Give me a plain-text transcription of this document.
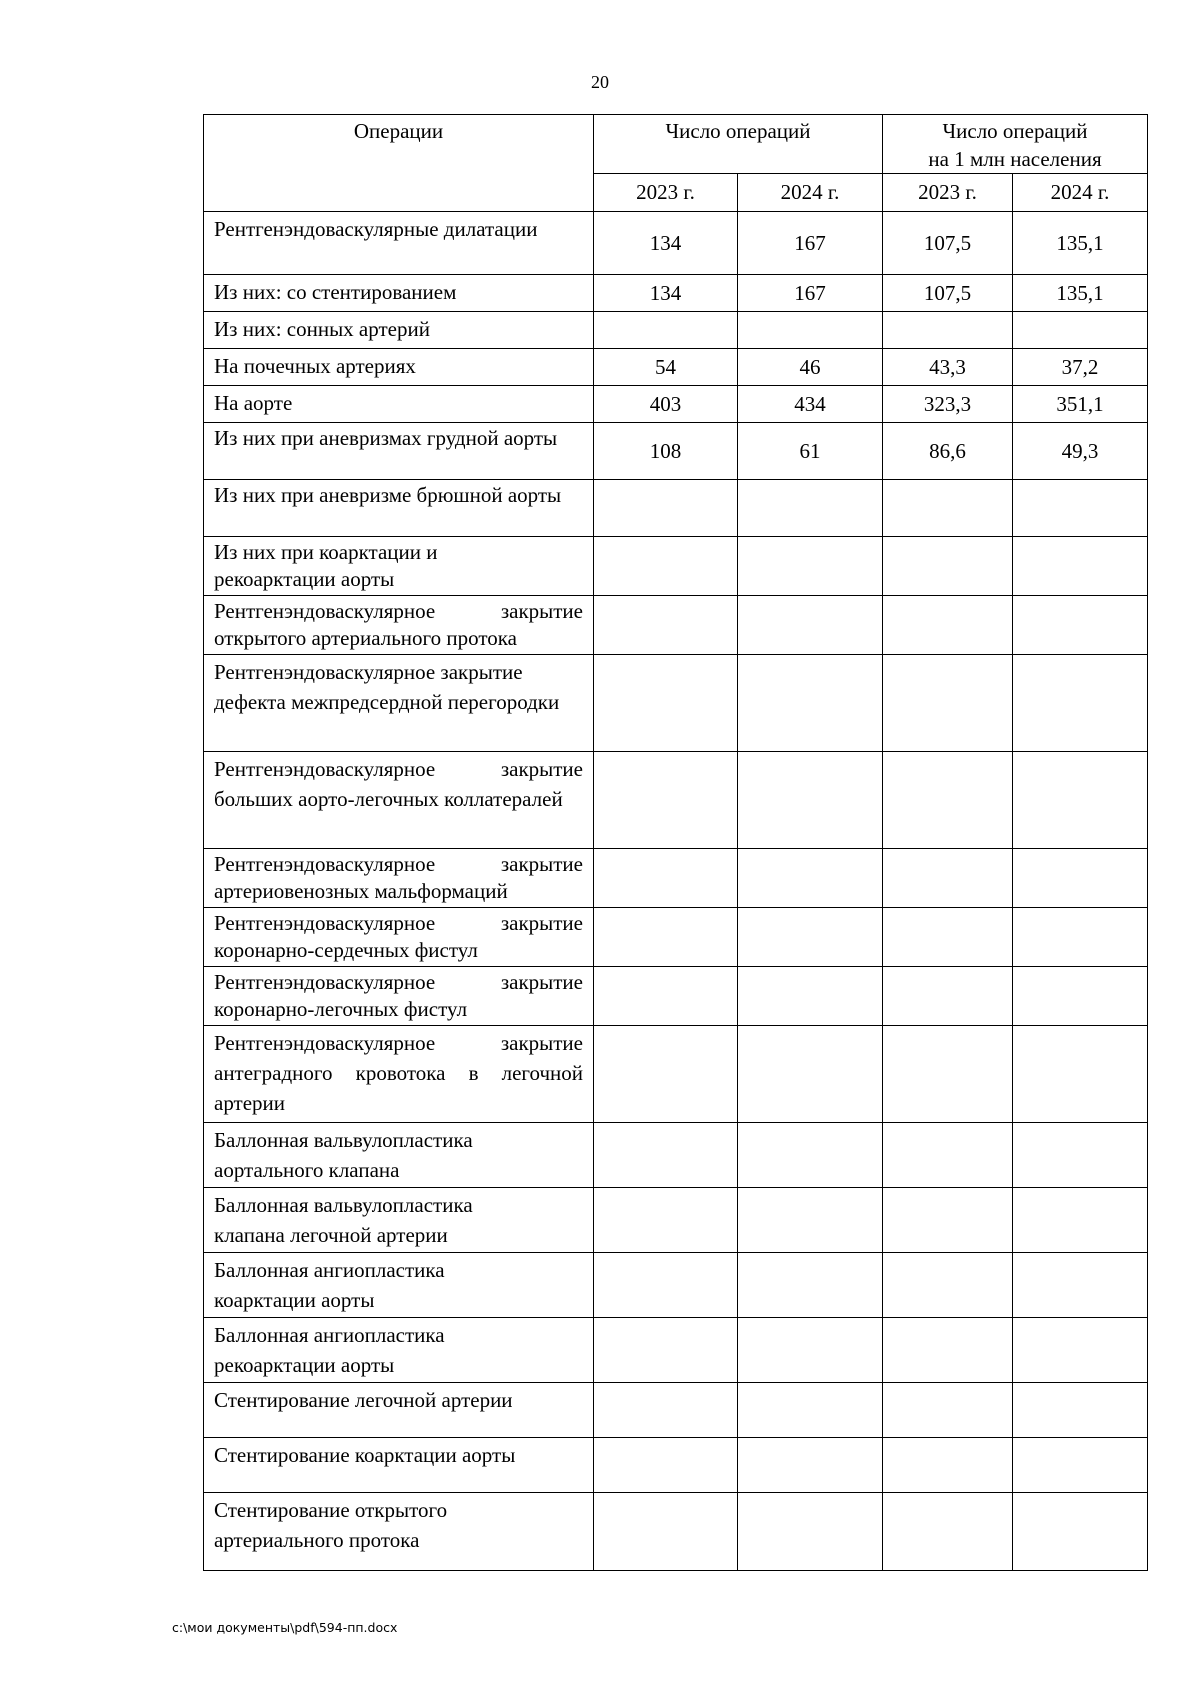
20
Операции	Число операций		Число операций
на 1 млн населения	
	2023 г.	2024 г.	2023 г.	2024 г.
Рентгенэндоваскулярные дилатации	134	167	107,5	135,1
Из них: со стентированием	134	167	107,5	135,1
Из них: сонных артерий				
На почечных артериях	54	46	43,3	37,2
На аорте	403	434	323,3	351,1
Из них при аневризмах грудной аорты	108	61	86,6	49,3
Из них при аневризме брюшной аорты				
Из них при коарктации и рекоарктации аорты				
Рентгенэндоваскулярное закрытие открытого артериального протока				
Рентгенэндоваскулярное закрытие дефекта межпредсердной перегородки				
Рентгенэндоваскулярное закрытие больших аорто-легочных коллатералей				
Рентгенэндоваскулярное закрытие артериовенозных мальформаций				
Рентгенэндоваскулярное закрытие коронарно-сердечных фистул				
Рентгенэндоваскулярное закрытие коронарно-легочных фистул				
Рентгенэндоваскулярное закрытие антеградного кровотока в легочной артерии				
Баллонная вальвулопластика аортального клапана				
Баллонная вальвулопластика клапана легочной артерии				
Баллонная ангиопластика коарктации аорты				
Баллонная ангиопластика рекоарктации аорты				
Стентирование легочной артерии				
Стентирование коарктации аорты				
Стентирование открытого артериального протока				
c:\мои документы\pdf\594-пп.docx
